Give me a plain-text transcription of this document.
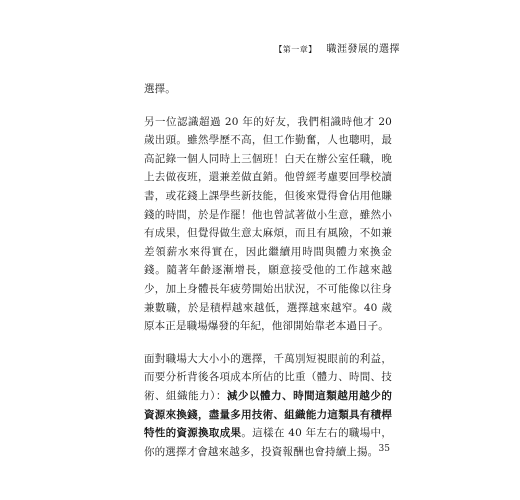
【第一章】 職涯發展的選擇

選擇。

另一位認識超過 20 年的好友，我們相識時他才 20 歲出頭。雖然學歷不高，但工作勤奮，人也聰明，最高記錄一個人同時上三個班！白天在辦公室任職，晚上去做夜班，還兼差做直銷。他曾經考慮要回學校讀書，或花錢上課學些新技能，但後來覺得會佔用他賺錢的時間，於是作罷！他也曾試著做小生意，雖然小有成果，但覺得做生意太麻煩，而且有風險，不如兼差領薪水來得實在，因此繼續用時間與體力來換金錢。隨著年齡逐漸增長，願意接受他的工作越來越少，加上身體長年疲勞開始出狀況，不可能像以往身兼數職，於是積桿越來越低，選擇越來越窄。40 歲原本正是職場爆發的年紀，他卻開始靠老本過日子。

面對職場大大小小的選擇，千萬別短視眼前的利益，而要分析背後各項成本所佔的比重（體力、時間、技術、組織能力）：減少以體力、時間這類越用越少的資源來換錢，盡量多用技術、組織能力這類具有積桿特性的資源換取成果。這樣在 40 年左右的職場中，你的選擇才會越來越多，投資報酬也會持續上揚。 35
